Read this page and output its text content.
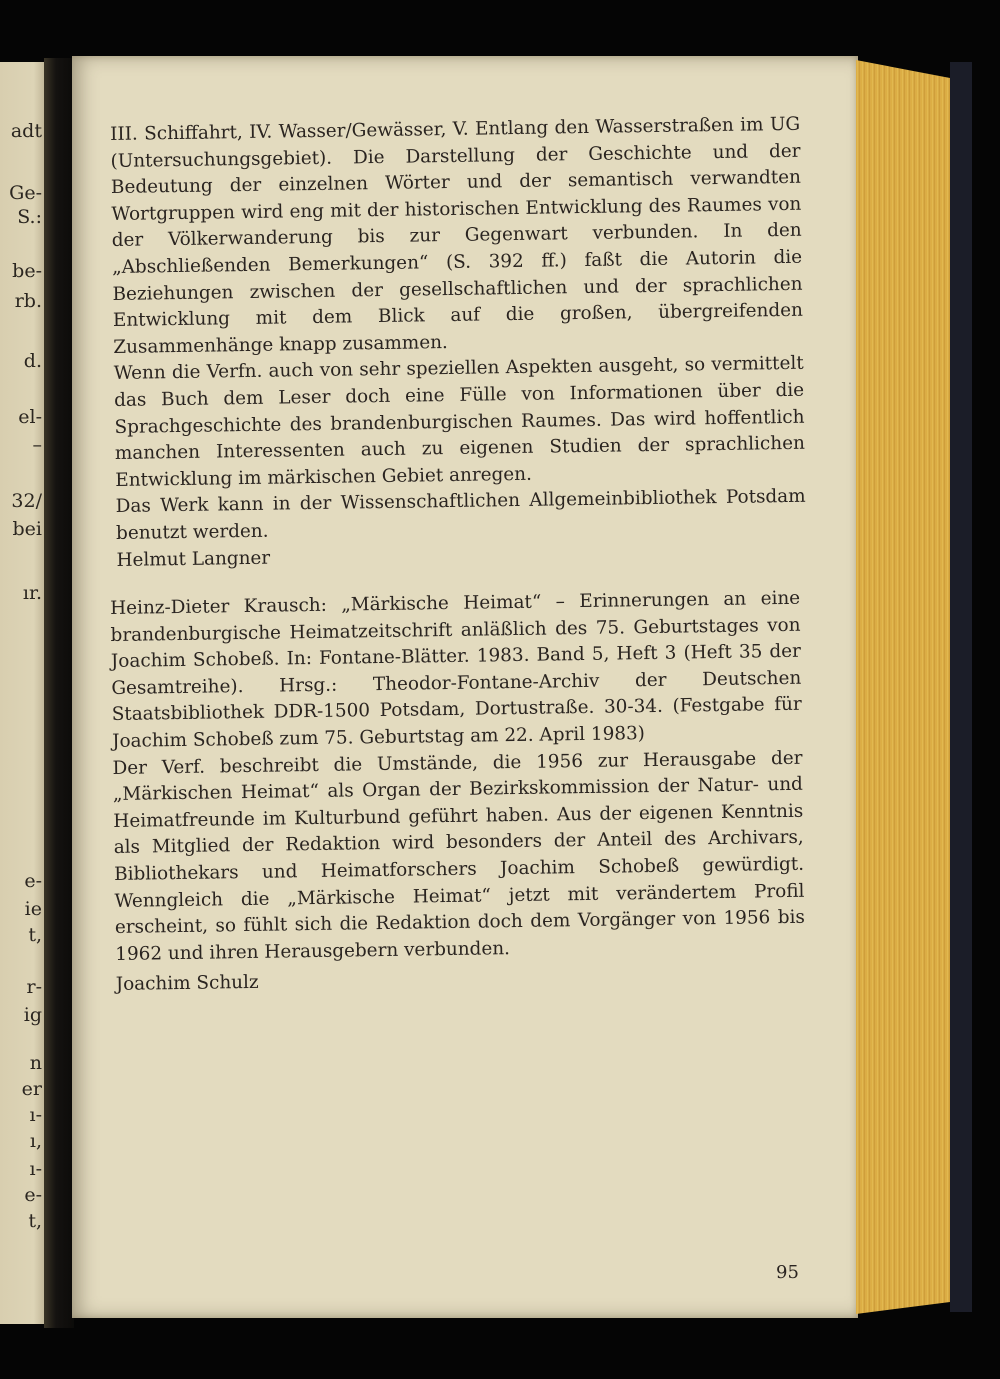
adt
Ge-
S.:
be-
rb.
d.
el-
–
32/
bei
ır.
e-
ie
t,
r-
ig
n
er
ı-
ı,
ı-
e-
t,

III. Schiffahrt, IV. Wasser/Gewässer, V. Entlang den Wasserstraßen im UG (Untersuchungsgebiet). Die Darstellung der Geschichte und der Bedeutung der einzelnen Wörter und der semantisch verwandten Wortgruppen wird eng mit der historischen Entwicklung des Raumes von der Völkerwanderung bis zur Gegenwart verbunden. In den „Abschließenden Bemerkungen“ (S. 392 ff.) faßt die Autorin die Beziehungen zwischen der gesellschaftlichen und der sprachlichen Entwicklung mit dem Blick auf die großen, übergreifenden Zusammenhänge knapp zusammen.

Wenn die Verfn. auch von sehr speziellen Aspekten ausgeht, so vermittelt das Buch dem Leser doch eine Fülle von Informationen über die Sprachgeschichte des brandenburgischen Raumes. Das wird hoffentlich manchen Interessenten auch zu eigenen Studien der sprachlichen Entwicklung im märkischen Gebiet anregen.

Das Werk kann in der Wissenschaftlichen Allgemeinbibliothek Potsdam benutzt werden.

Helmut Langner

Heinz-Dieter Krausch: „Märkische Heimat“ – Erinnerungen an eine brandenburgische Heimatzeitschrift anläßlich des 75. Geburtstages von Joachim Schobeß. In: Fontane-Blätter. 1983. Band 5, Heft 3 (Heft 35 der Gesamtreihe). Hrsg.: Theodor-Fontane-Archiv der Deutschen Staatsbibliothek DDR-1500 Potsdam, Dortustraße. 30-34. (Festgabe für Joachim Schobeß zum 75. Geburtstag am 22. April 1983)

Der Verf. beschreibt die Umstände, die 1956 zur Herausgabe der „Märkischen Heimat“ als Organ der Bezirkskommission der Natur- und Heimatfreunde im Kulturbund geführt haben. Aus der eigenen Kenntnis als Mitglied der Redaktion wird besonders der Anteil des Archivars, Bibliothekars und Heimatforschers Joachim Schobeß gewürdigt. Wenngleich die „Märkische Heimat“ jetzt mit verändertem Profil erscheint, so fühlt sich die Redaktion doch dem Vorgänger von 1956 bis 1962 und ihren Herausgebern verbunden.

Joachim Schulz

95
